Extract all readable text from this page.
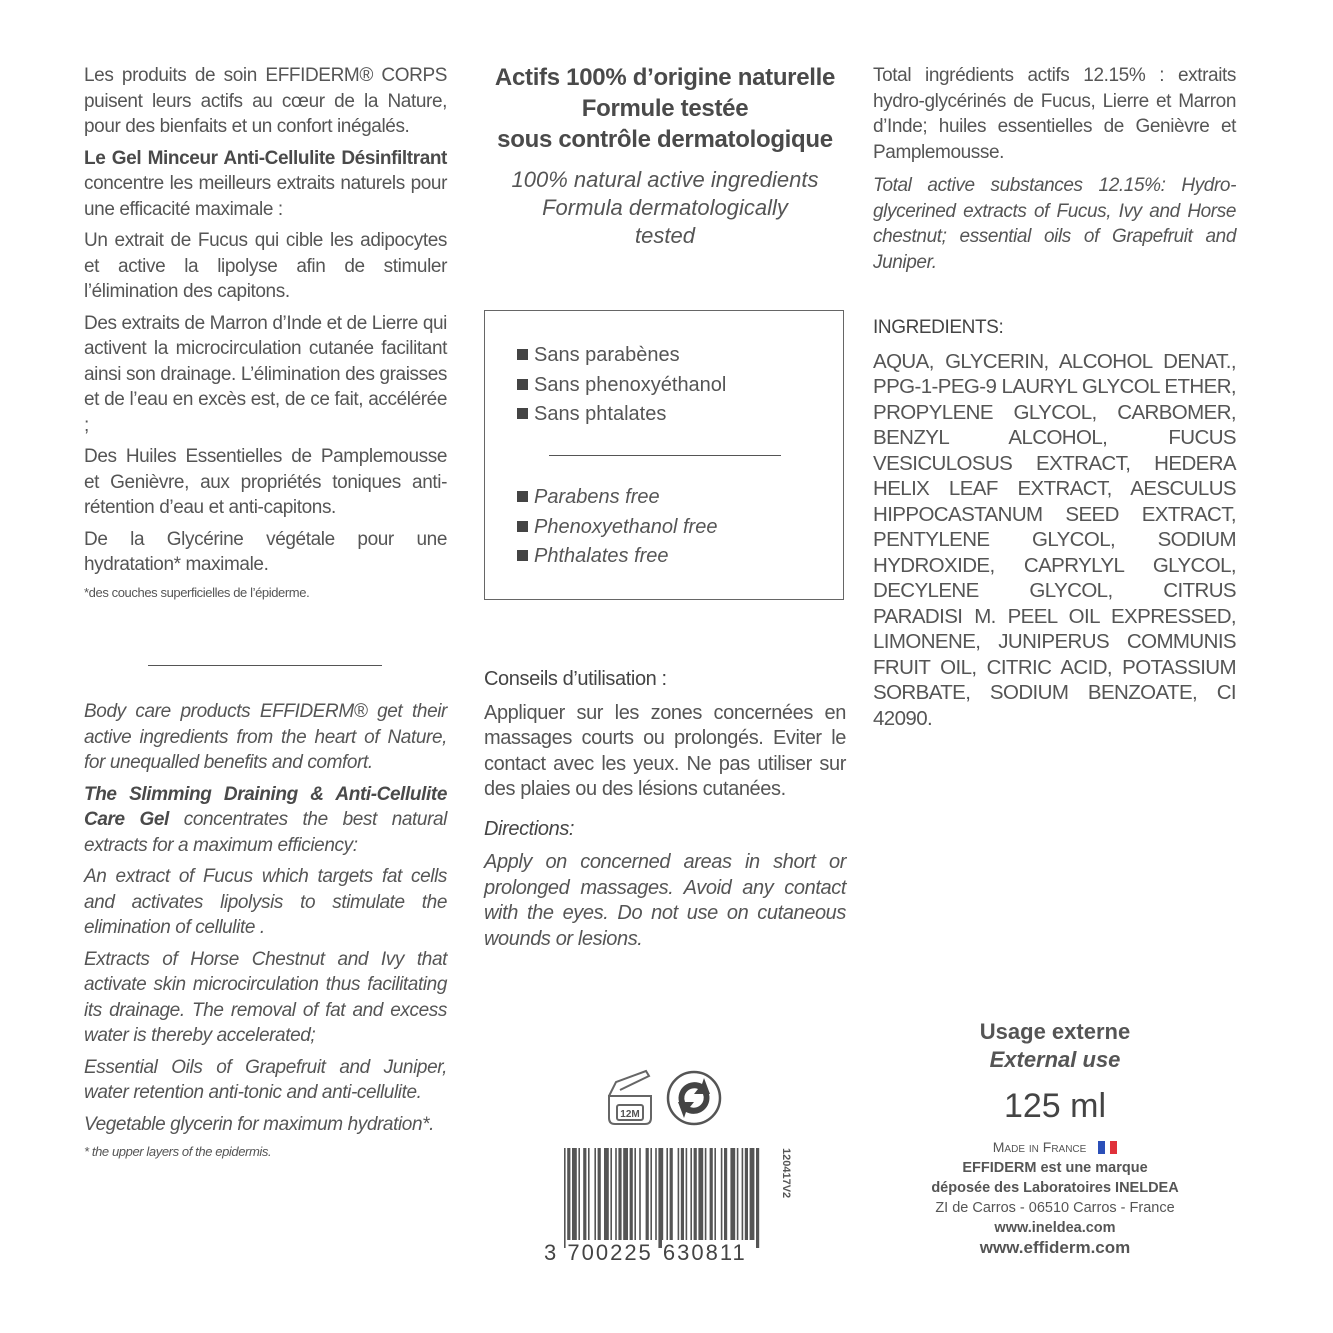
Les produits de soin EFFIDERM® CORPS puisent leurs actifs au cœur de la Nature, pour des bienfaits et un confort inégalés.

Le Gel Minceur Anti-Cellulite Désinfiltrant concentre les meilleurs extraits naturels pour une efficacité maximale :

Un extrait de Fucus qui cible les adipocytes et active la lipolyse afin de stimuler l’élimination des capitons.

Des extraits de Marron d’Inde et de Lierre qui activent la microcirculation cutanée facilitant ainsi son drainage. L’élimination des graisses et de l’eau en excès est, de ce fait, accélérée ;

Des Huiles Essentielles de Pamplemousse et Genièvre, aux propriétés toniques anti-rétention d’eau et anti-capitons.

De la Glycérine végétale pour une hydratation* maximale.

*des couches superficielles de l’épiderme.

Body care products EFFIDERM® get their active ingredients from the heart of Nature, for unequalled benefits and comfort.

The Slimming Draining & Anti-Cellulite Care Gel concentrates the best natural extracts for a maximum efficiency:

An extract of Fucus which targets fat cells and activates lipolysis to stimulate the elimination of cellulite .

Extracts of Horse Chestnut and Ivy that activate skin microcirculation thus facilitating its drainage. The removal of fat and excess water is thereby accelerated;

Essential Oils of Grapefruit and Juniper, water retention anti-tonic and anti-cellulite.

Vegetable glycerin for maximum hydration*.

* the upper layers of the epidermis.

Actifs 100% d’origine naturelle
Formule testée
sous contrôle dermatologique
100% natural active ingredients
Formula dermatologically
tested
Sans parabènes
Sans phenoxyéthanol
Sans phtalates
Parabens free
Phenoxyethanol free
Phthalates free

Conseils d’utilisation :

Appliquer sur les zones concernées en massages courts ou prolongés. Eviter le contact avec les yeux. Ne pas utiliser sur des plaies ou des lésions cutanées.

Directions:

Apply on concerned areas in short or prolonged massages. Avoid any contact with the eyes. Do not use on cutaneous wounds or lesions.

12M
3 700225 630811
120417V2

Total ingrédients actifs 12.15% : extraits hydro-glycérinés de Fucus, Lierre et Marron d’Inde; huiles essentielles de Genièvre et Pamplemousse.

Total active substances 12.15%: Hydro-glycerined extracts of Fucus, Ivy and Horse chestnut; essential oils of Grapefruit and Juniper.

INGREDIENTS:

AQUA, GLYCERIN, ALCOHOL DENAT., PPG-1-PEG-9 LAURYL GLYCOL ETHER, PROPYLENE GLYCOL, CARBOMER, BENZYL ALCOHOL, FUCUS VESICULOSUS EXTRACT, HEDERA HELIX LEAF EXTRACT, AESCULUS HIPPOCASTANUM SEED EXTRACT, PENTYLENE GLYCOL, SODIUM HYDROXIDE, CAPRYLYL GLYCOL, DECYLENE GLYCOL, CITRUS PARADISI M. PEEL OIL EXPRESSED, LIMONENE, JUNIPERUS COMMUNIS FRUIT OIL, CITRIC ACID, POTASSIUM SORBATE, SODIUM BENZOATE, CI 42090.

Usage externe
External use
125 ml
Made in France
EFFIDERM est une marque
déposée des Laboratoires INELDEA
ZI de Carros - 06510 Carros - France
www.ineldea.com
www.effiderm.com
